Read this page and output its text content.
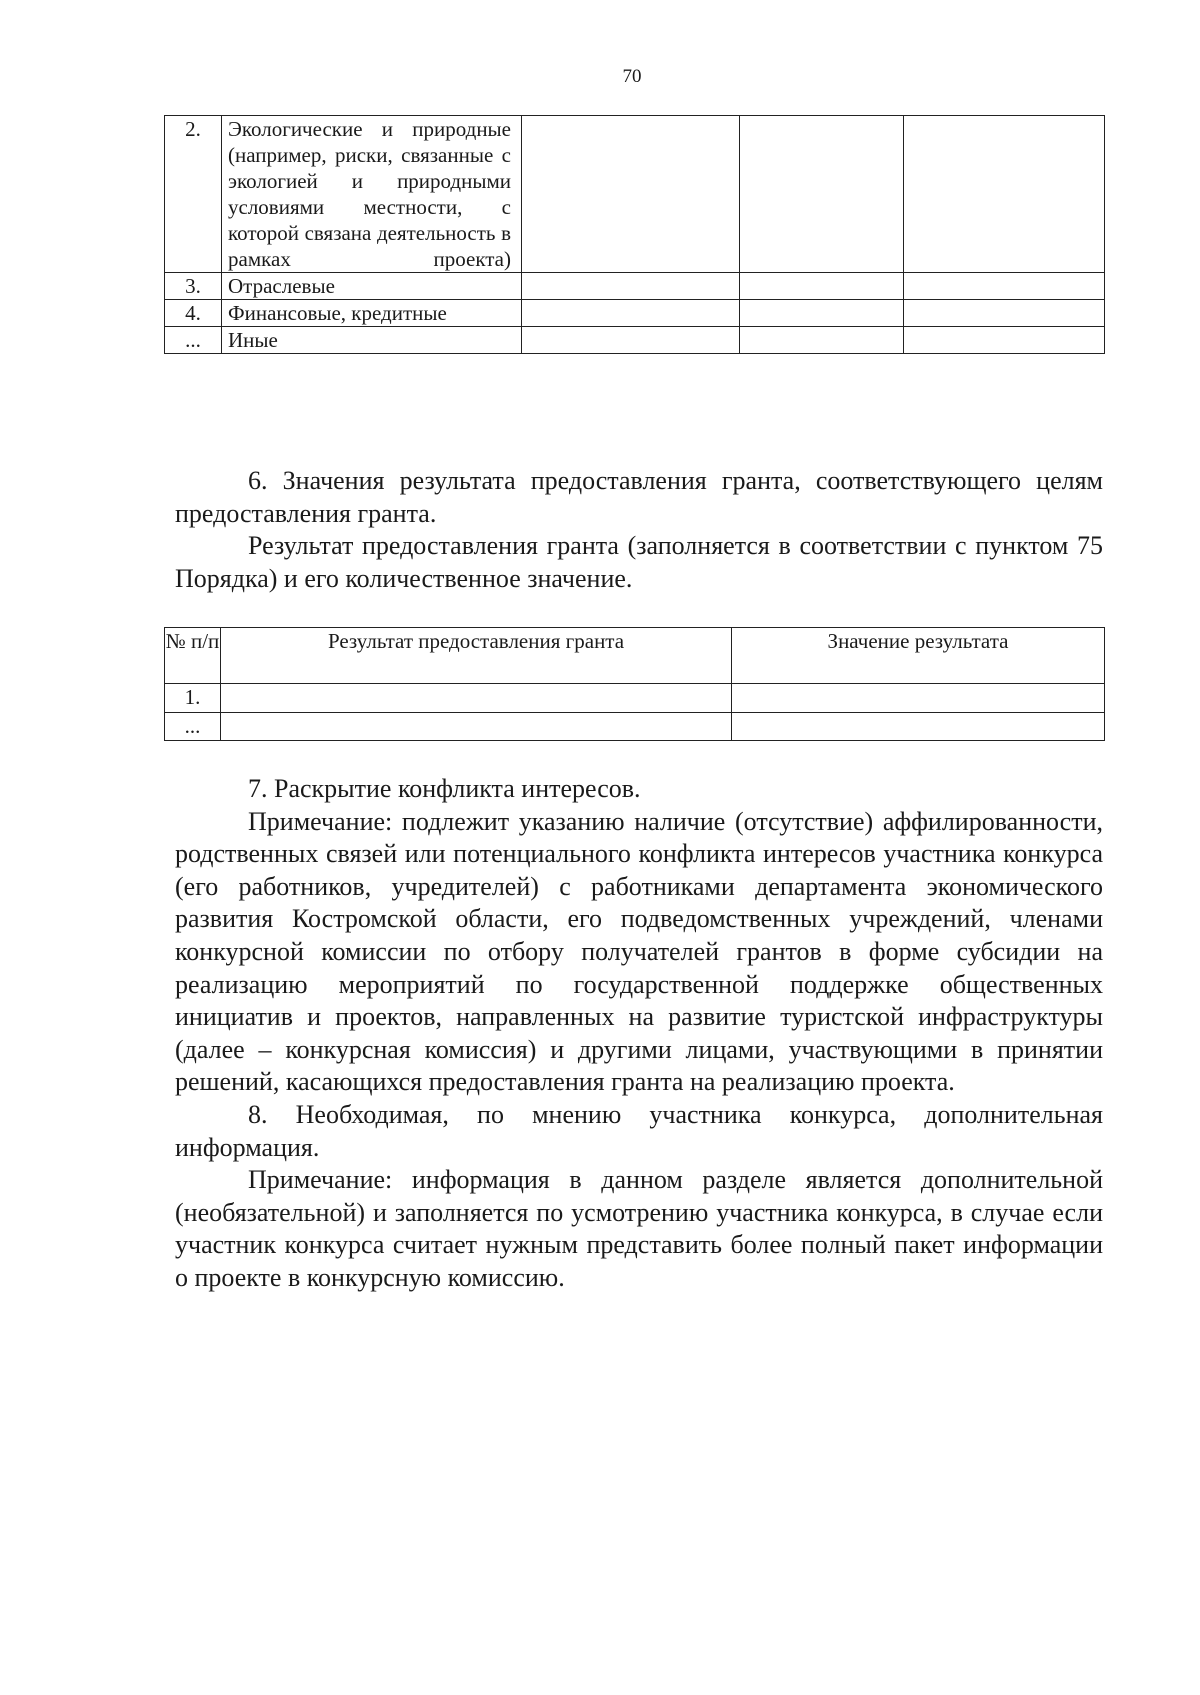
70
2.	Экологические и природные (например, риски, связанные с экологией и природными условиями местности, с которой связана деятельность в рамках проекта)			
3.	Отраслевые			
4.	Финансовые, кредитные			
...	Иные			

6. Значения результата предоставления гранта, соответствующего целям предоставления гранта.

Результат предоставления гранта (заполняется в соответствии с пунктом 75 Порядка) и его количественное значение.

№ п/п	Результат предоставления гранта	Значение результата
1.		
...		

7. Раскрытие конфликта интересов.

Примечание: подлежит указанию наличие (отсутствие) аффилированности, родственных связей или потенциального конфликта интересов участника конкурса (его работников, учредителей) с работниками департамента экономического развития Костромской области, его подведомственных учреждений, членами конкурсной комиссии по отбору получателей грантов в форме субсидии на реализацию мероприятий по государственной поддержке общественных инициатив и проектов, направленных на развитие туристской инфраструктуры (далее – конкурсная комиссия) и другими лицами, участвующими в принятии решений, касающихся предоставления гранта на реализацию проекта.

8. Необходимая, по мнению участника конкурса, дополнительная информация.

Примечание: информация в данном разделе является дополнительной (необязательной) и заполняется по усмотрению участника конкурса, в случае если участник конкурса считает нужным представить более полный пакет информации о проекте в конкурсную комиссию.
